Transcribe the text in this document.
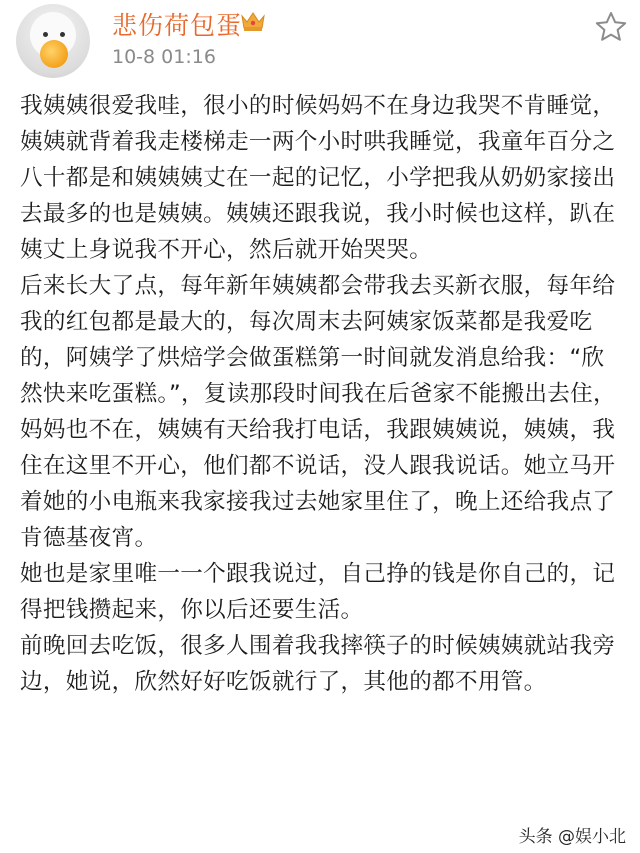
悲伤荷包蛋
10-8 01:16

我姨姨很爱我哇，很小的时候妈妈不在身边我哭不肯睡觉，姨姨就背着我走楼梯走一两个小时哄我睡觉，我童年百分之八十都是和姨姨姨丈在一起的记忆，小学把我从奶奶家接出去最多的也是姨姨。姨姨还跟我说，我小时候也这样，趴在姨丈上身说我不开心，然后就开始哭哭。

后来长大了点，每年新年姨姨都会带我去买新衣服，每年给我的红包都是最大的，每次周末去阿姨家饭菜都是我爱吃的，阿姨学了烘焙学会做蛋糕第一时间就发消息给我：“欣然快来吃蛋糕。”，复读那段时间我在后爸家不能搬出去住，妈妈也不在，姨姨有天给我打电话，我跟姨姨说，姨姨，我住在这里不开心，他们都不说话，没人跟我说话。她立马开着她的小电瓶来我家接我过去她家里住了，晚上还给我点了肯德基夜宵。

她也是家里唯一一个跟我说过，自己挣的钱是你自己的，记得把钱攒起来，你以后还要生活。

前晚回去吃饭，很多人围着我我摔筷子的时候姨姨就站我旁边，她说，欣然好好吃饭就行了，其他的都不用管。

头条 @娱小北
